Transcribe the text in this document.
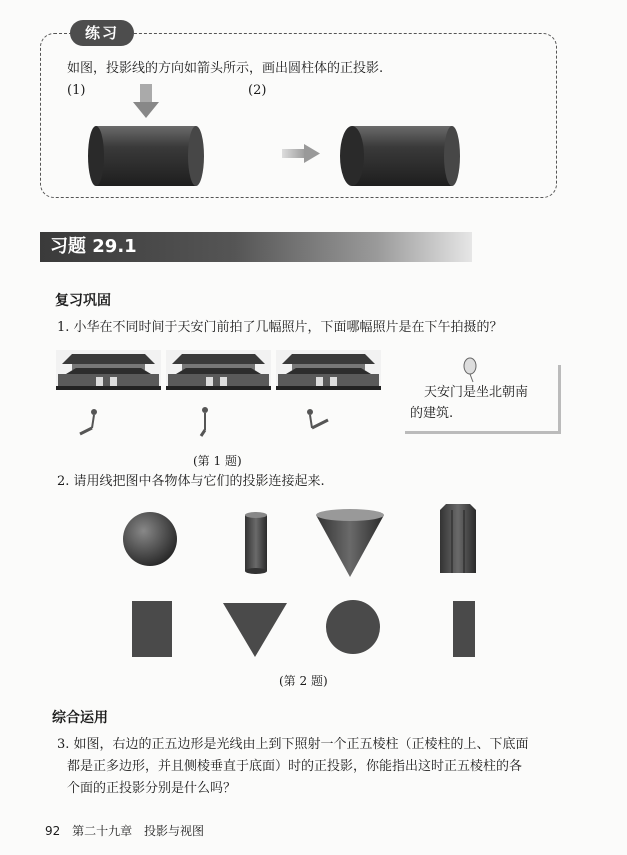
练习
如图，投影线的方向如箭头所示，画出圆柱体的正投影.
(1)	(2)
习题 29.1
复习巩固
1. 小华在不同时间于天安门前拍了几幅照片，下面哪幅照片是在下午拍摄的？
天安门是坐北朝南
的建筑.
(第 1 题)
2. 请用线把图中各物体与它们的投影连接起来.
(第 2 题)
综合运用
3. 如图，右边的正五边形是光线由上到下照射一个正五棱柱（正棱柱的上、下底面
都是正多边形，并且侧棱垂直于底面）时的正投影，你能指出这时正五棱柱的各
个面的正投影分别是什么吗？
92 第二十九章 投影与视图
